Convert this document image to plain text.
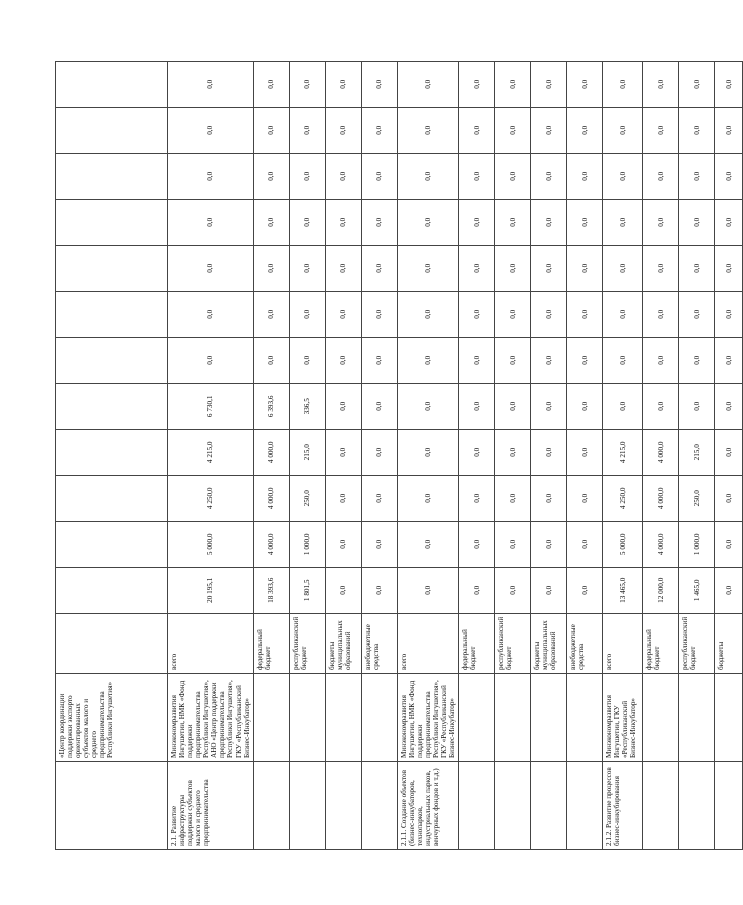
	«Центр координации поддержки экспорто ориентированных субъектов малого и среднего предпринимательства Республики Ингушетия»													
2.1. Развитие инфраструктуры поддержки субъектов малого и среднего предпринимательства	Минэкономразвития Ингушетии, НМК «Фонд поддержки предпринимательства Республики Ингушетия», АНО «Центр поддержки предпринимательства Республики Ингушетия», ГКУ «Республиканский Бизнес-Инкубатор»	всего	20 195,1	5 000,0	4 250,0	4 215,0	6 730,1	0,0	0,0	0,0	0,0	0,0	0,0	0,0
		федеральный бюджет	18 393,6	4 000,0	4 000,0	4 000,0	6 393,6	0,0	0,0	0,0	0,0	0,0	0,0	0,0
		республиканский бюджет	1 801,5	1 000,0	250,0	215,0	336,5	0,0	0,0	0,0	0,0	0,0	0,0	0,0
		бюджеты муниципальных образований	0,0	0,0	0,0	0,0	0,0	0,0	0,0	0,0	0,0	0,0	0,0	0,0
		внебюджетные средства	0,0	0,0	0,0	0,0	0,0	0,0	0,0	0,0	0,0	0,0	0,0	0,0
2.1.1. Создание объектов (бизнес-инкубаторов, технопарков, индустриальных парков, венчурных фондов и т.д.)	Минэкономразвития Ингушетии, НМК «Фонд поддержки предпринимательства Республики Ингушетия», ГКУ «Республиканский Бизнес-Инкубатор»	всего	0,0	0,0	0,0	0,0	0,0	0,0	0,0	0,0	0,0	0,0	0,0	0,0
		федеральный бюджет	0,0	0,0	0,0	0,0	0,0	0,0	0,0	0,0	0,0	0,0	0,0	0,0
		республиканский бюджет	0,0	0,0	0,0	0,0	0,0	0,0	0,0	0,0	0,0	0,0	0,0	0,0
		бюджеты муниципальных образований	0,0	0,0	0,0	0,0	0,0	0,0	0,0	0,0	0,0	0,0	0,0	0,0
		внебюджетные средства	0,0	0,0	0,0	0,0	0,0	0,0	0,0	0,0	0,0	0,0	0,0	0,0
2.1.2. Развитие процессов бизнес-инкубирования	Минэкономразвития Ингушетии, ГКУ «Республиканский Бизнес-Инкубатор»	всего	13 465,0	5 000,0	4 250,0	4 215,0	0,0	0,0	0,0	0,0	0,0	0,0	0,0	0,0
		федеральный бюджет	12 000,0	4 000,0	4 000,0	4 000,0	0,0	0,0	0,0	0,0	0,0	0,0	0,0	0,0
		республиканский бюджет	1 465,0	1 000,0	250,0	215,0	0,0	0,0	0,0	0,0	0,0	0,0	0,0	0,0
		бюджеты	0,0	0,0	0,0	0,0	0,0	0,0	0,0	0,0	0,0	0,0	0,0	0,0
